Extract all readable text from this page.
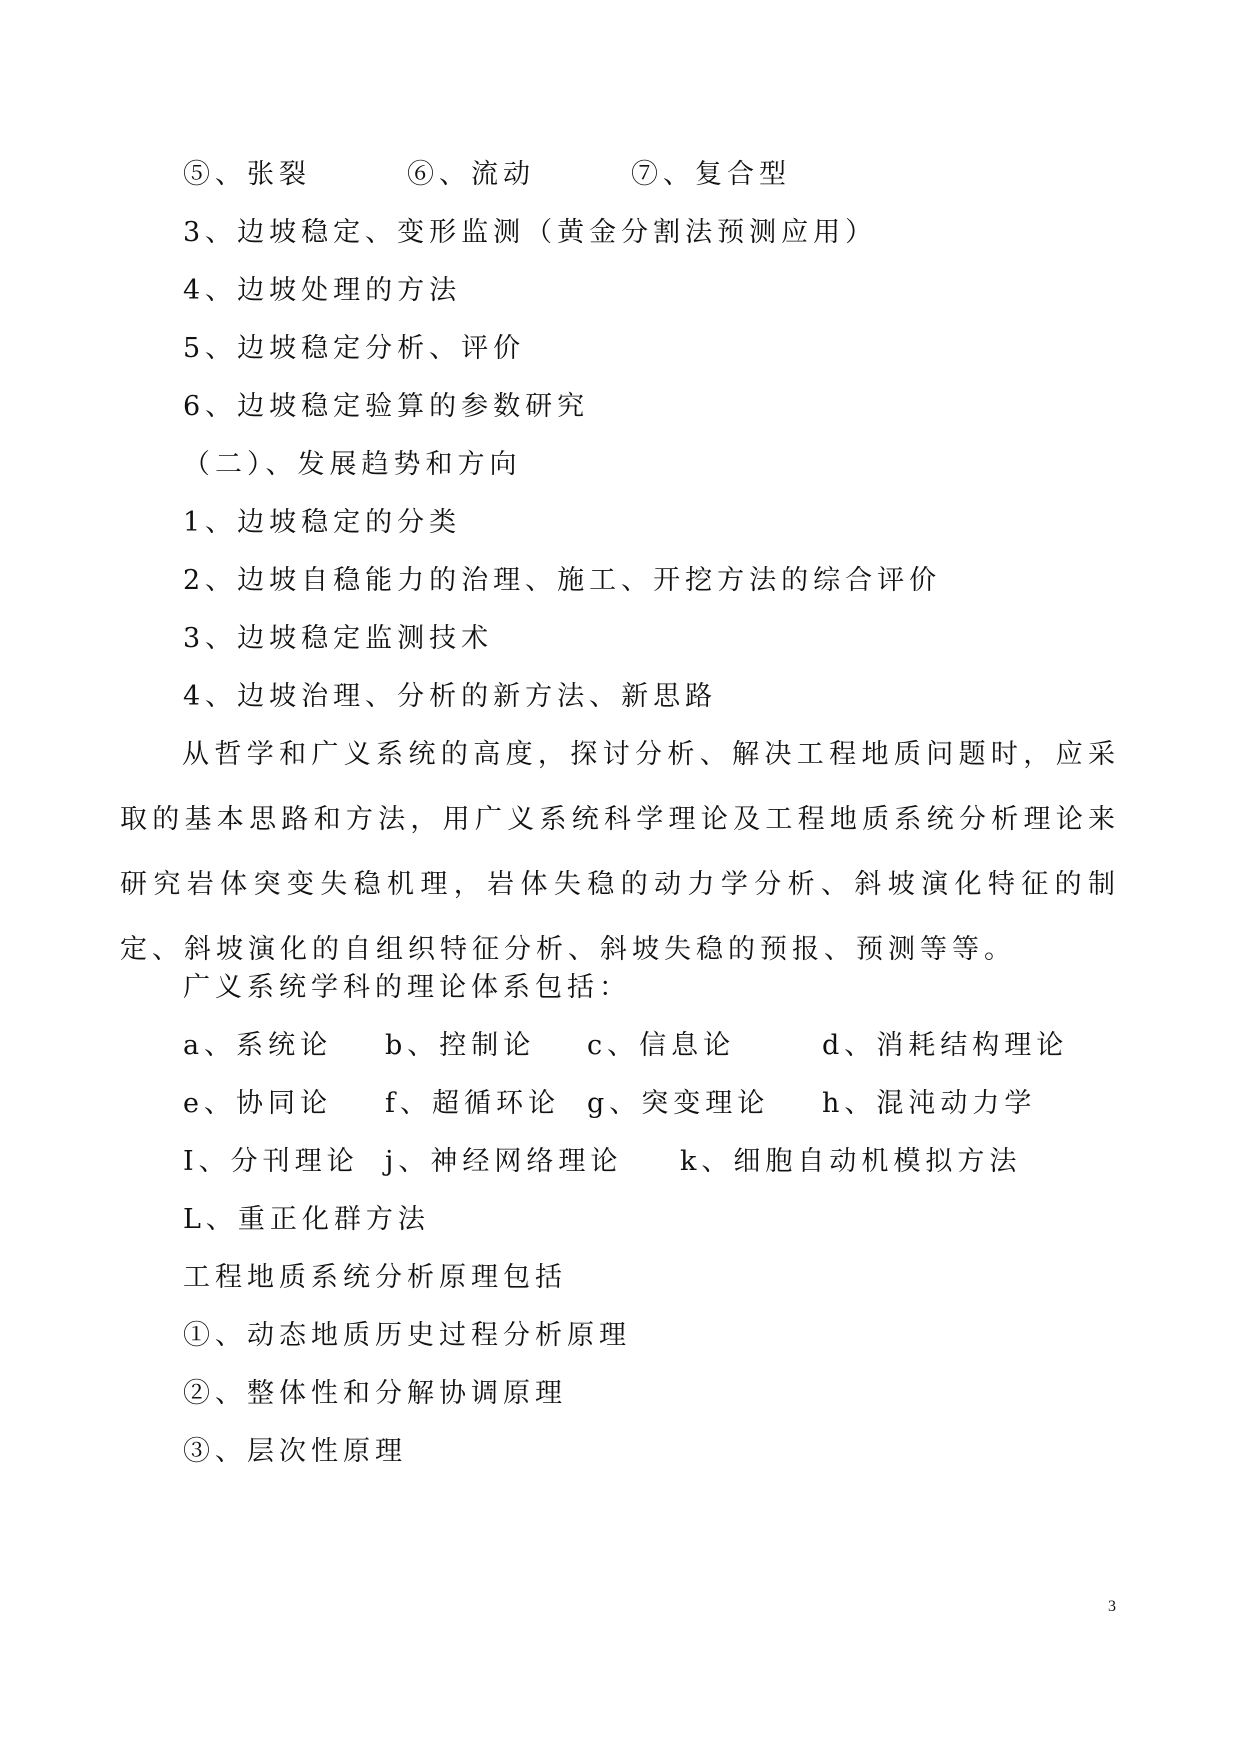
⑤、张裂　　　⑥、流动　　　⑦、复合型
3、边坡稳定、变形监测（黄金分割法预测应用）
4、边坡处理的方法
5、边坡稳定分析、评价
6、边坡稳定验算的参数研究
（二）、发展趋势和方向
1、边坡稳定的分类
2、边坡自稳能力的治理、施工、开挖方法的综合评价
3、边坡稳定监测技术
4、边坡治理、分析的新方法、新思路
从哲学和广义系统的高度，探讨分析、解决工程地质问题时，应采取的基本思路和方法，用广义系统科学理论及工程地质系统分析理论来研究岩体突变失稳机理，岩体失稳的动力学分析、斜坡演化特征的制定、斜坡演化的自组织特征分析、斜坡失稳的预报、预测等等。
广义系统学科的理论体系包括：
a、系统论 b、控制论 c、信息论	d、消耗结构理论
e、协同论 f、超循环论 g、突变理论 h、混沌动力学
I、分刊理论 j、神经网络理论 k、细胞自动机模拟方法
L、重正化群方法
工程地质系统分析原理包括
①、动态地质历史过程分析原理
②、整体性和分解协调原理
③、层次性原理
3
